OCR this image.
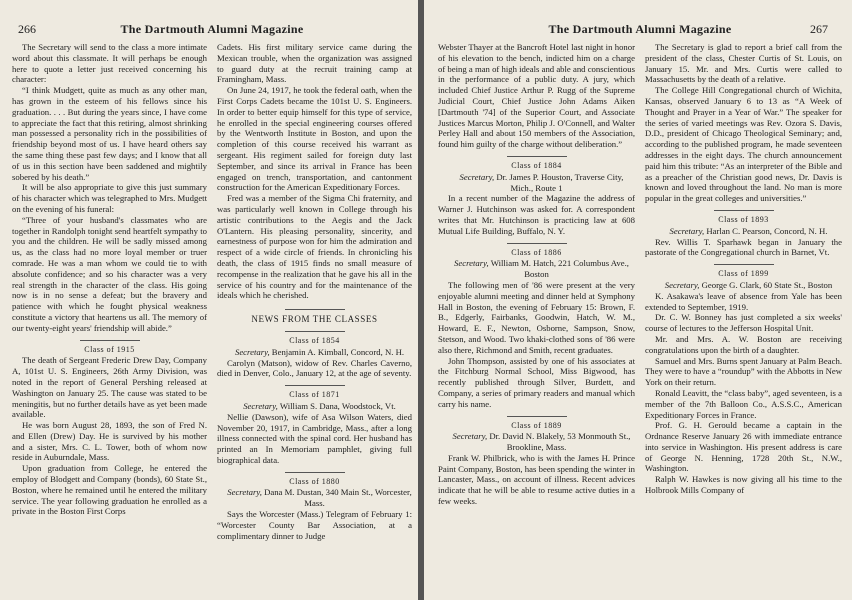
266	The Dartmouth Alumni Magazine

The Secretary will send to the class a more intimate word about this classmate. It will perhaps be enough here to quote a letter just received concerning his character:

“I think Mudgett, quite as much as any other man, has grown in the esteem of his fellows since his graduation. . . . But during the years since, I have come to appreciate the fact that this retiring, almost shrinking man possessed a personality rich in the possibilities of friendship beyond most of us. I have heard others say the same thing these past few days; and I know that all of us in this section have been saddened and mightily sobered by his death.”

It will be also appropriate to give this just summary of his character which was telegraphed to Mrs. Mudgett on the evening of his funeral:

“Three of your husband's classmates who are together in Randolph tonight send heartfelt sympathy to you and the children. He will be sadly missed among us, as the class had no more loyal member or truer comrade. He was a man whom we could tie to with absolute confidence; and so his character was a very real strength in the character of the class. His going now is in no sense a defeat; but the bravery and patience with which he fought physical weakness constitute a victory that heartens us all. The memory of our twenty-eight years' friendship will abide.”

Class of 1915

The death of Sergeant Frederic Drew Day, Company A, 101st U. S. Engineers, 26th Army Division, was noted in the report of General Pershing released at Washington on January 25. The cause was stated to be meningitis, but no further details have as yet been made available.

He was born August 28, 1893, the son of Fred N. and Ellen (Drew) Day. He is survived by his mother and a sister, Mrs. C. L. Tower, both of whom now reside in Auburndale, Mass.

Upon graduation from College, he entered the employ of Blodgett and Company (bonds), 60 State St., Boston, where he remained until he entered the military service. The year following graduation he enrolled as a private in the Boston First Corps

Cadets. His first military service came during the Mexican trouble, when the organization was assigned to guard duty at the recruit training camp at Framingham, Mass.

On June 24, 1917, he took the federal oath, when the First Corps Cadets became the 101st U. S. Engineers. In order to better equip himself for this type of service, he enrolled in the special engineering courses offered by the Wentworth Institute in Boston, and upon the completion of this course received his warrant as sergeant. His regiment sailed for foreign duty last September, and since its arrival in France has been engaged on trench, transportation, and cantonment construction for the American Expeditionary Forces.

Fred was a member of the Sigma Chi fraternity, and was particularly well known in College through his artistic contributions to the Aegis and the Jack O'Lantern. His pleasing personality, sincerity, and earnestness of purpose won for him the admiration and respect of a wide circle of friends. In chronicling his death, the class of 1915 finds no small measure of recompense in the realization that he gave his all in the service of his country and for the maintenance of the ideals which he cherished.

NEWS FROM THE CLASSES
Class of 1854

Secretary, Benjamin A. Kimball, Concord, N. H.

Carolyn (Matson), widow of Rev. Charles Caverno, died in Denver, Colo., January 12, at the age of seventy.

Class of 1871

Secretary, William S. Dana, Woodstock, Vt.

Nellie (Dawson), wife of Asa Wilson Waters, died November 20, 1917, in Cambridge, Mass., after a long illness connected with the spinal cord. Her husband has printed an In Memoriam pamphlet, giving full biographical data.

Class of 1880

Secretary, Dana M. Dustan, 340 Main St., Worcester, Mass.

Says the Worcester (Mass.) Telegram of February 1: “Worcester County Bar Association, at a complimentary dinner to Judge

The Dartmouth Alumni Magazine	267

Webster Thayer at the Bancroft Hotel last night in honor of his elevation to the bench, indicted him on a charge of being a man of high ideals and able and conscientious in the performance of a public duty. A jury, which included Chief Justice Arthur P. Rugg of the Supreme Judicial Court, Chief Justice John Adams Aiken [Dartmouth '74] of the Superior Court, and Associate Justices Marcus Morton, Philip J. O'Connell, and Walter Perley Hall and about 150 members of the Association, found him guilty of the charge without deliberation.”

Class of 1884

Secretary, Dr. James P. Houston, Traverse City, Mich., Route 1

In a recent number of the Magazine the address of Warner J. Hutchinson was asked for. A correspondent writes that Mr. Hutchinson is practicing law at 608 Mutual Life Building, Buffalo, N. Y.

Class of 1886

Secretary, William M. Hatch, 221 Columbus Ave., Boston

The following men of '86 were present at the very enjoyable alumni meeting and dinner held at Symphony Hall in Boston, the evening of February 15: Brown, F. B., Edgerly, Fairbanks, Goodwin, Hatch, W. M., Howard, E. F., Newton, Osborne, Sampson, Snow, Stetson, and Wood. Two khaki-clothed sons of '86 were also there, Richmond and Smith, recent graduates.

John Thompson, assisted by one of his associates at the Fitchburg Normal School, Miss Bigwood, has recently published through Silver, Burdett, and Company, a series of primary readers and manual which carry his name.

Class of 1889

Secretary, Dr. David N. Blakely, 53 Monmouth St., Brookline, Mass.

Frank W. Philbrick, who is with the James H. Prince Paint Company, Boston, has been spending the winter in Lancaster, Mass., on account of illness. Recent advices indicate that he will be able to resume active duties in a few weeks.

The Secretary is glad to report a brief call from the president of the class, Chester Curtis of St. Louis, on January 15. Mr. and Mrs. Curtis were called to Massachusetts by the death of a relative.

The College Hill Congregational church of Wichita, Kansas, observed January 6 to 13 as “A Week of Thought and Prayer in a Year of War.” The speaker for the series of varied meetings was Rev. Ozora S. Davis, D.D., president of Chicago Theological Seminary; and, according to the published program, he made seventeen addresses in the eight days. The church announcement paid him this tribute: “As an interpreter of the Bible and as a preacher of the Christian good news, Dr. Davis is known and loved throughout the land. No man is more popular in the great colleges and universities.”

Class of 1893

Secretary, Harlan C. Pearson, Concord, N. H.

Rev. Willis T. Sparhawk began in January the pastorate of the Congregational church in Barnet, Vt.

Class of 1899

Secretary, George G. Clark, 60 State St., Boston

K. Asakawa's leave of absence from Yale has been extended to September, 1919.

Dr. C. W. Bonney has just completed a six weeks' course of lectures to the Jefferson Hospital Unit.

Mr. and Mrs. A. W. Boston are receiving congratulations upon the birth of a daughter.

Samuel and Mrs. Burns spent January at Palm Beach. They were to have a “roundup” with the Abbotts in New York on their return.

Ronald Leavitt, the “class baby”, aged seventeen, is a member of the 7th Balloon Co., A.S.S.C., American Expeditionary Forces in France.

Prof. G. H. Gerould became a captain in the Ordnance Reserve January 26 with immediate entrance into service in Washington. His present address is care of George N. Henning, 1728 20th St., N.W., Washington.

Ralph W. Hawkes is now giving all his time to the Holbrook Mills Company of
